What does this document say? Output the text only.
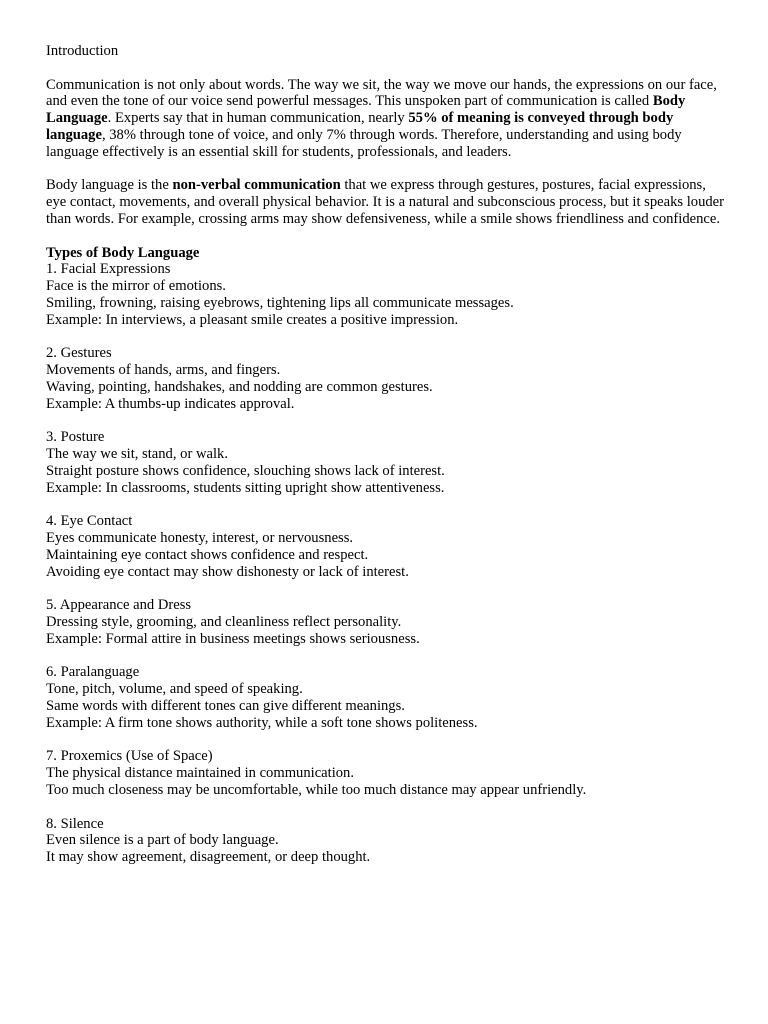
Introduction

Communication is not only about words. The way we sit, the way we move our hands, the expressions on our face, and even the tone of our voice send powerful messages. This unspoken part of communication is called Body Language. Experts say that in human communication, nearly 55% of meaning is conveyed through body language, 38% through tone of voice, and only 7% through words. Therefore, understanding and using body language effectively is an essential skill for students, professionals, and leaders.

Body language is the non-verbal communication that we express through gestures, postures, facial expressions, eye contact, movements, and overall physical behavior. It is a natural and subconscious process, but it speaks louder than words. For example, crossing arms may show defensiveness, while a smile shows friendliness and confidence.

Types of Body Language
1. Facial Expressions
Face is the mirror of emotions.
Smiling, frowning, raising eyebrows, tightening lips all communicate messages.
Example: In interviews, a pleasant smile creates a positive impression.
2. Gestures
Movements of hands, arms, and fingers.
Waving, pointing, handshakes, and nodding are common gestures.
Example: A thumbs-up indicates approval.
3. Posture
The way we sit, stand, or walk.
Straight posture shows confidence, slouching shows lack of interest.
Example: In classrooms, students sitting upright show attentiveness.
4. Eye Contact
Eyes communicate honesty, interest, or nervousness.
Maintaining eye contact shows confidence and respect.
Avoiding eye contact may show dishonesty or lack of interest.
5. Appearance and Dress
Dressing style, grooming, and cleanliness reflect personality.
Example: Formal attire in business meetings shows seriousness.
6. Paralanguage
Tone, pitch, volume, and speed of speaking.
Same words with different tones can give different meanings.
Example: A firm tone shows authority, while a soft tone shows politeness.
7. Proxemics (Use of Space)
The physical distance maintained in communication.
Too much closeness may be uncomfortable, while too much distance may appear unfriendly.
8. Silence
Even silence is a part of body language.
It may show agreement, disagreement, or deep thought.
